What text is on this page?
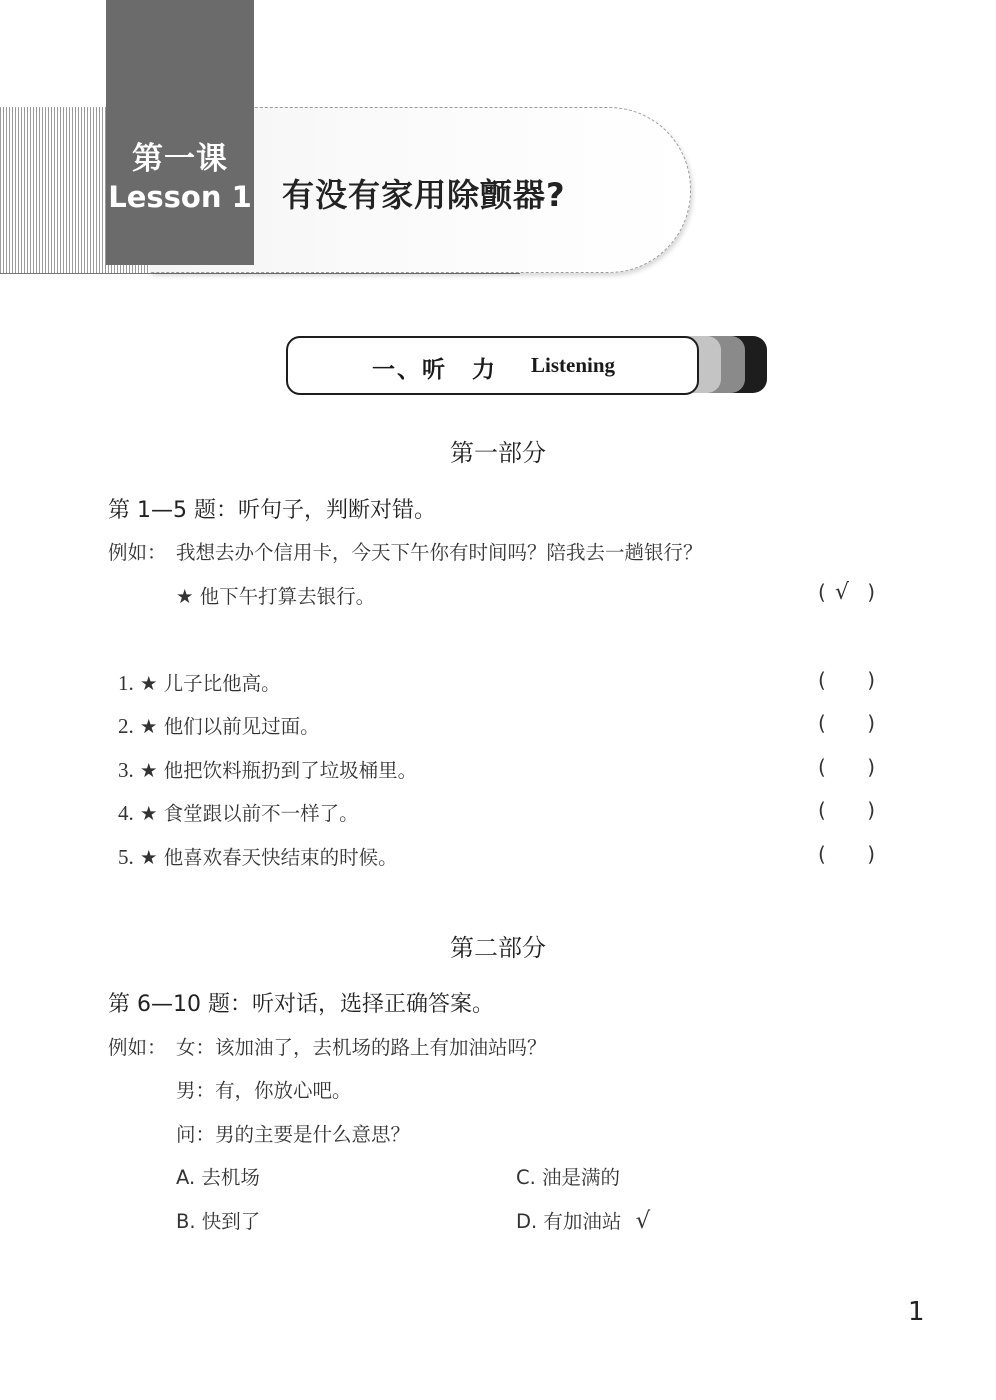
第一课
Lesson 1 有没有家用除颤器?
一、听　力 Listening
第一部分
第 1—5 题：听句子，判断对错。
例如： 我想去办个信用卡，今天下午你有时间吗？陪我去一趟银行？
★ 他下午打算去银行。	( √ )
1. ★ 儿子比他高。	( )
2. ★ 他们以前见过面。	( )
3. ★ 他把饮料瓶扔到了垃圾桶里。	( )
4. ★ 食堂跟以前不一样了。	( )
5. ★ 他喜欢春天快结束的时候。	( )
第二部分
第 6—10 题：听对话，选择正确答案。
例如： 女：该加油了，去机场的路上有加油站吗？
男：有，你放心吧。
问：男的主要是什么意思？
A. 去机场	C. 油是满的
B. 快到了	D. 有加油站 √
1
